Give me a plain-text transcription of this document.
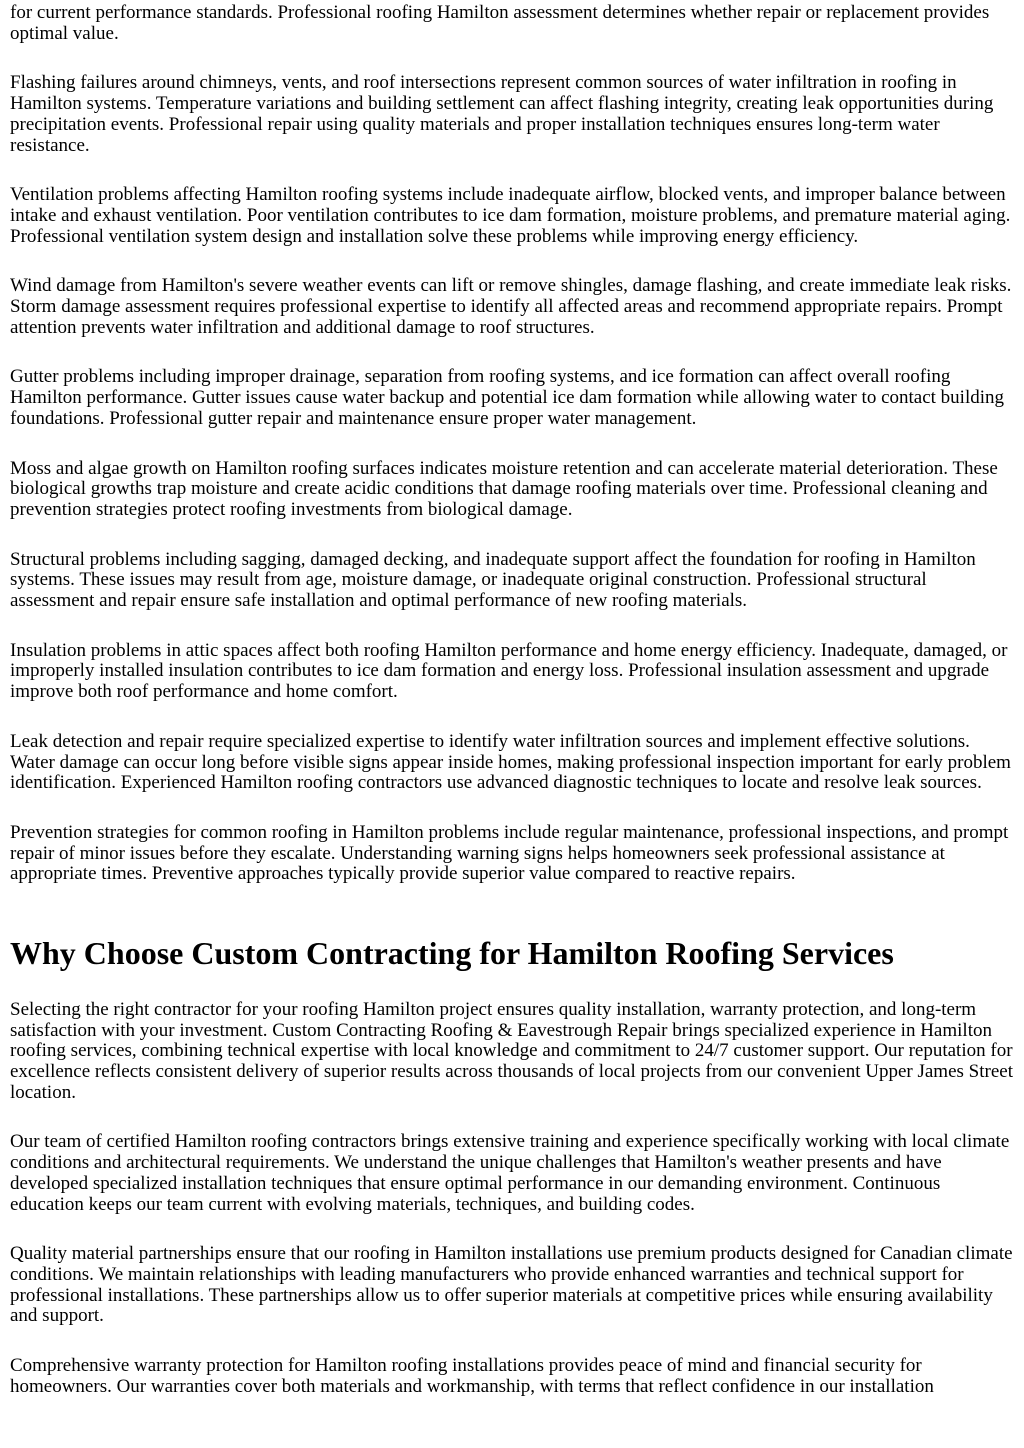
for current performance standards. Professional roofing Hamilton assessment determines whether repair or replacement provides optimal value.

Flashing failures around chimneys, vents, and roof intersections represent common sources of water infiltration in roofing in Hamilton systems. Temperature variations and building settlement can affect flashing integrity, creating leak opportunities during precipitation events. Professional repair using quality materials and proper installation techniques ensures long-term water resistance.

Ventilation problems affecting Hamilton roofing systems include inadequate airflow, blocked vents, and improper balance between intake and exhaust ventilation. Poor ventilation contributes to ice dam formation, moisture problems, and premature material aging. Professional ventilation system design and installation solve these problems while improving energy efficiency.

Wind damage from Hamilton's severe weather events can lift or remove shingles, damage flashing, and create immediate leak risks. Storm damage assessment requires professional expertise to identify all affected areas and recommend appropriate repairs. Prompt attention prevents water infiltration and additional damage to roof structures.

Gutter problems including improper drainage, separation from roofing systems, and ice formation can affect overall roofing Hamilton performance. Gutter issues cause water backup and potential ice dam formation while allowing water to contact building foundations. Professional gutter repair and maintenance ensure proper water management.

Moss and algae growth on Hamilton roofing surfaces indicates moisture retention and can accelerate material deterioration. These biological growths trap moisture and create acidic conditions that damage roofing materials over time. Professional cleaning and prevention strategies protect roofing investments from biological damage.

Structural problems including sagging, damaged decking, and inadequate support affect the foundation for roofing in Hamilton systems. These issues may result from age, moisture damage, or inadequate original construction. Professional structural assessment and repair ensure safe installation and optimal performance of new roofing materials.

Insulation problems in attic spaces affect both roofing Hamilton performance and home energy efficiency. Inadequate, damaged, or improperly installed insulation contributes to ice dam formation and energy loss. Professional insulation assessment and upgrade improve both roof performance and home comfort.

Leak detection and repair require specialized expertise to identify water infiltration sources and implement effective solutions. Water damage can occur long before visible signs appear inside homes, making professional inspection important for early problem identification. Experienced Hamilton roofing contractors use advanced diagnostic techniques to locate and resolve leak sources.

Prevention strategies for common roofing in Hamilton problems include regular maintenance, professional inspections, and prompt repair of minor issues before they escalate. Understanding warning signs helps homeowners seek professional assistance at appropriate times. Preventive approaches typically provide superior value compared to reactive repairs.

Why Choose Custom Contracting for Hamilton Roofing Services

Selecting the right contractor for your roofing Hamilton project ensures quality installation, warranty protection, and long-term satisfaction with your investment. Custom Contracting Roofing & Eavestrough Repair brings specialized experience in Hamilton roofing services, combining technical expertise with local knowledge and commitment to 24/7 customer support. Our reputation for excellence reflects consistent delivery of superior results across thousands of local projects from our convenient Upper James Street location.

Our team of certified Hamilton roofing contractors brings extensive training and experience specifically working with local climate conditions and architectural requirements. We understand the unique challenges that Hamilton's weather presents and have developed specialized installation techniques that ensure optimal performance in our demanding environment. Continuous education keeps our team current with evolving materials, techniques, and building codes.

Quality material partnerships ensure that our roofing in Hamilton installations use premium products designed for Canadian climate conditions. We maintain relationships with leading manufacturers who provide enhanced warranties and technical support for professional installations. These partnerships allow us to offer superior materials at competitive prices while ensuring availability and support.

Comprehensive warranty protection for Hamilton roofing installations provides peace of mind and financial security for homeowners. Our warranties cover both materials and workmanship, with terms that reflect confidence in our installation
